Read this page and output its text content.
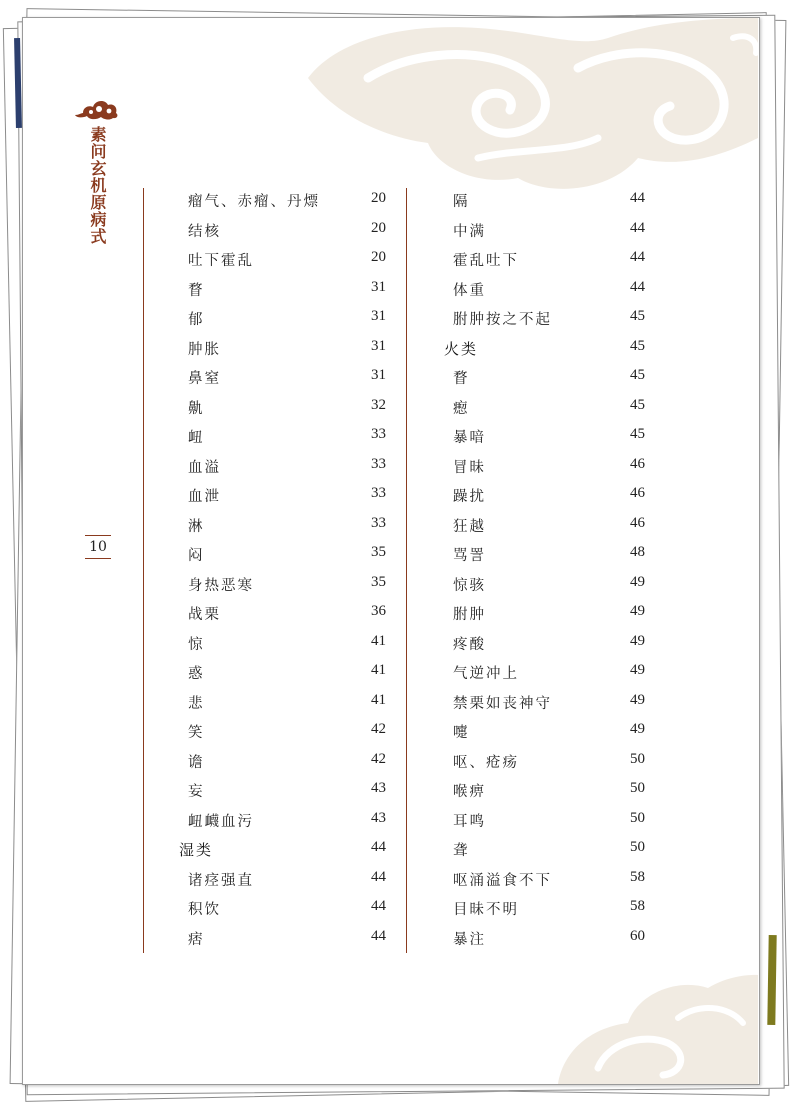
素问玄机原病式
10
瘤气、赤瘤、丹熛	20
结核	20
吐下霍乱	20
瞀	31
郁	31
肿胀	31
鼻窒	31
鼽	32
衄	33
血溢	33
血泄	33
淋	33
闷	35
身热恶寒	35
战栗	36
惊	41
惑	41
悲	41
笑	42
谵	42
妄	43
衄衊血污	43
湿类	44
诸痉强直	44
积饮	44
痞	44
隔	44
中满	44
霍乱吐下	44
体重	44
胕肿按之不起	45
火类	45
瞀	45
瘛	45
暴喑	45
冒昧	46
躁扰	46
狂越	46
骂詈	48
惊骇	49
胕肿	49
疼酸	49
气逆冲上	49
禁栗如丧神守	49
嚏	49
呕、疮疡	50
喉痹	50
耳鸣	50
聋	50
呕涌溢食不下	58
目昧不明	58
暴注	60
